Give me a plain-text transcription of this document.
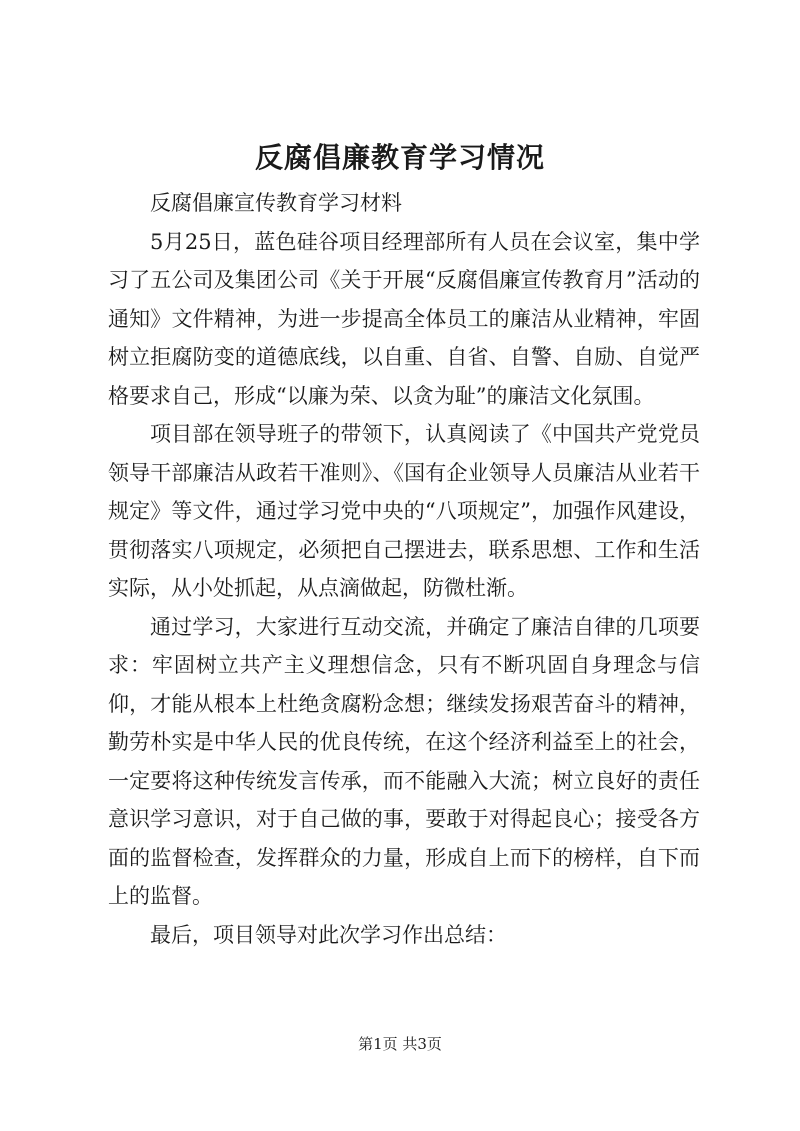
反腐倡廉教育学习情况

反腐倡廉宣传教育学习材料

5月25日，蓝色硅谷项目经理部所有人员在会议室，集中学习了五公司及集团公司《关于开展“反腐倡廉宣传教育月”活动的通知》文件精神，为进一步提高全体员工的廉洁从业精神，牢固树立拒腐防变的道德底线，以自重、自省、自警、自励、自觉严格要求自己，形成“以廉为荣、以贪为耻”的廉洁文化氛围。

项目部在领导班子的带领下，认真阅读了《中国共产党党员领导干部廉洁从政若干准则》、《国有企业领导人员廉洁从业若干规定》等文件，通过学习党中央的“八项规定”，加强作风建设，贯彻落实八项规定，必须把自己摆进去，联系思想、工作和生活实际，从小处抓起，从点滴做起，防微杜渐。

通过学习，大家进行互动交流，并确定了廉洁自律的几项要求：牢固树立共产主义理想信念，只有不断巩固自身理念与信仰，才能从根本上杜绝贪腐粉念想；继续发扬艰苦奋斗的精神，勤劳朴实是中华人民的优良传统，在这个经济利益至上的社会，一定要将这种传统发言传承，而不能融入大流；树立良好的责任意识学习意识，对于自己做的事，要敢于对得起良心；接受各方面的监督检查，发挥群众的力量，形成自上而下的榜样，自下而上的监督。

最后，项目领导对此次学习作出总结：

第1页 共3页
